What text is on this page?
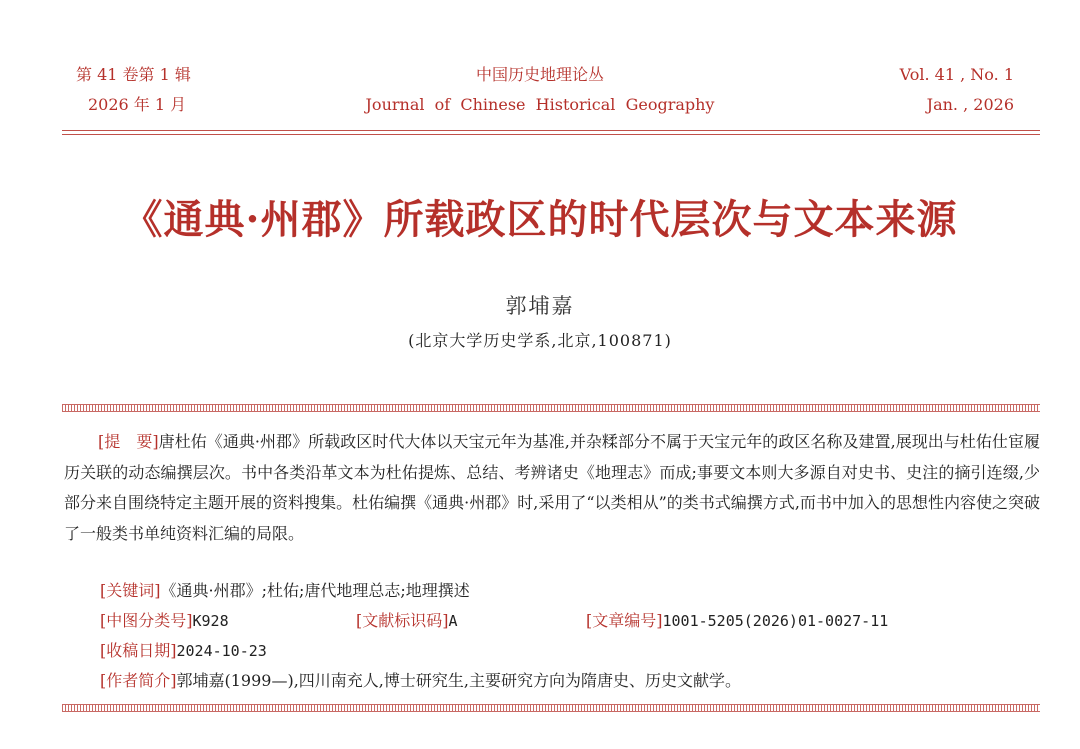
第 41 卷第 1 辑
2026 年 1 月
中国历史地理论丛
Journal  of  Chinese  Historical  Geography
Vol. 41 , No. 1
Jan. , 2026
《通典·州郡》所载政区的时代层次与文本来源
郭埔嘉
(北京大学历史学系,北京,100871)
[提　要]唐杜佑《通典·州郡》所载政区时代大体以天宝元年为基准,并杂糅部分不属于天宝元年的政区名称及建置,展现出与杜佑仕宦履历关联的动态编撰层次。书中各类沿革文本为杜佑提炼、总结、考辨诸史《地理志》而成;事要文本则大多源自对史书、史注的摘引连缀,少部分来自围绕特定主题开展的资料搜集。杜佑编撰《通典·州郡》时,采用了“以类相从”的类书式编撰方式,而书中加入的思想性内容使之突破了一般类书单纯资料汇编的局限。
[关键词]《通典·州郡》;杜佑;唐代地理总志;地理撰述
[中图分类号]K928	[文献标识码]A	[文章编号]1001-5205(2026)01-0027-11
[收稿日期]2024-10-23
[作者简介]郭埔嘉(1999—),四川南充人,博士研究生,主要研究方向为隋唐史、历史文献学。
